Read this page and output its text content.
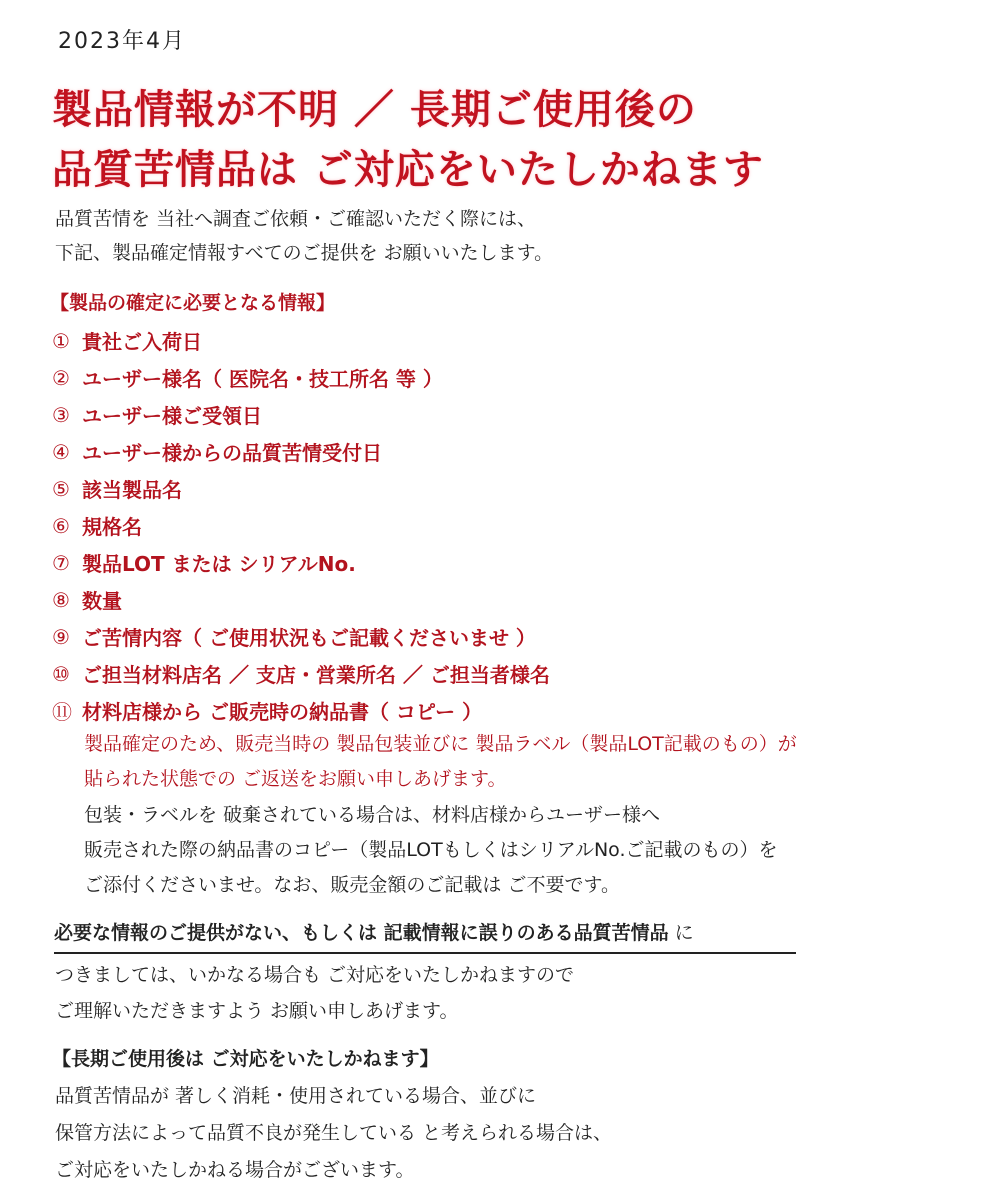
2023年4月
製品情報が不明 ／ 長期ご使用後の
品質苦情品は ご対応をいたしかねます
品質苦情を 当社へ調査ご依頼・ご確認いただく際には、
下記、製品確定情報すべてのご提供を お願いいたします。
【製品の確定に必要となる情報】
① 貴社ご入荷日
② ユーザー様名（ 医院名・技工所名 等 ）
③ ユーザー様ご受領日
④ ユーザー様からの品質苦情受付日
⑤ 該当製品名
⑥ 規格名
⑦ 製品LOT または シリアルNo.
⑧ 数量
⑨ ご苦情内容（ ご使用状況もご記載くださいませ ）
⑩ ご担当材料店名 ／ 支店・営業所名 ／ ご担当者様名
⑪ 材料店様から ご販売時の納品書（ コピー ）
製品確定のため、販売当時の 製品包装並びに 製品ラベル（製品LOT記載のもの）が
貼られた状態での ご返送をお願い申しあげます。
包装・ラベルを 破棄されている場合は、材料店様からユーザー様へ
販売された際の納品書のコピー（製品LOTもしくはシリアルNo.ご記載のもの）を
ご添付くださいませ。なお、販売金額のご記載は ご不要です。
必要な情報のご提供がない、もしくは 記載情報に誤りのある品質苦情品 に
つきましては、いかなる場合も ご対応をいたしかねますので
ご理解いただきますよう お願い申しあげます。
【長期ご使用後は ご対応をいたしかねます】
品質苦情品が 著しく消耗・使用されている場合、並びに
保管方法によって品質不良が発生している と考えられる場合は、
ご対応をいたしかねる場合がございます。
